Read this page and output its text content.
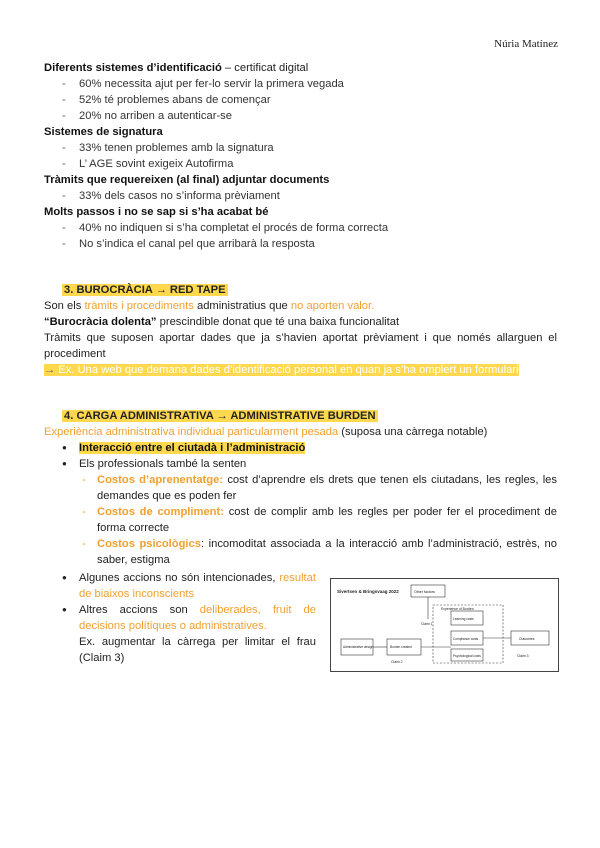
Núria Matínez
Diferents sistemes d’identificació – certificat digital
- 60% necessita ajut per fer-lo servir la primera vegada
- 52% té problemes abans de començar
- 20% no arriben a autenticar-se
Sistemes de signatura
- 33% tenen problemes amb la signatura
- L’ AGE sovint exigeix Autofirma
Tràmits que requereixen (al final) adjuntar documents
- 33% dels casos no s’informa prèviament
Molts passos i no se sap si s’ha acabat bé
- 40% no indiquen si s’ha completat el procés de forma correcta
- No s’indica el canal pel que arribarà la resposta
3. BUROCRÀCIA → RED TAPE
Son els tràmits i procediments administratius que no aporten valor.
“Burocràcia dolenta” prescindible donat que té una baixa funcionalitat
Tràmits que suposen aportar dades que ja s’havien aportat prèviament i que només allarguen el procediment
→ Ex. Una web que demana dades d’identificació personal en quan ja s’ha omplert un formulari
4. CARGA ADMINISTRATIVA → ADMINISTRATIVE BURDEN
Experiència administrativa individual particularment pesada (suposa una càrrega notable)
● Interacció entre el ciutadà i l’administració
● Els professionals també la senten
- Costos d’aprenentatge: cost d’aprendre els drets que tenen els ciutadans, les regles, les demandes que es poden fer
- Costos de compliment: cost de complir amb les regles per poder fer el procediment de forma correcte
- Costos psicològics: incomoditat associada a la interacció amb l’administració, estrès, no saber, estigma
● Algunes accions no són intencionades, resultat de biaixos inconscients
● Altres accions son deliberades, fruit de decisions polítiques o administratives.
Ex. augmentar la càrrega per limitar el frau (Claim 3)
Sivertsen & Bringsvaag 2022	Other factors
Experience of Burden
Claim 1
Administrative design	Burden created
Learning costs
Compliance costs
Psychological costs
Outcomes
Claim 2
Claim 3
